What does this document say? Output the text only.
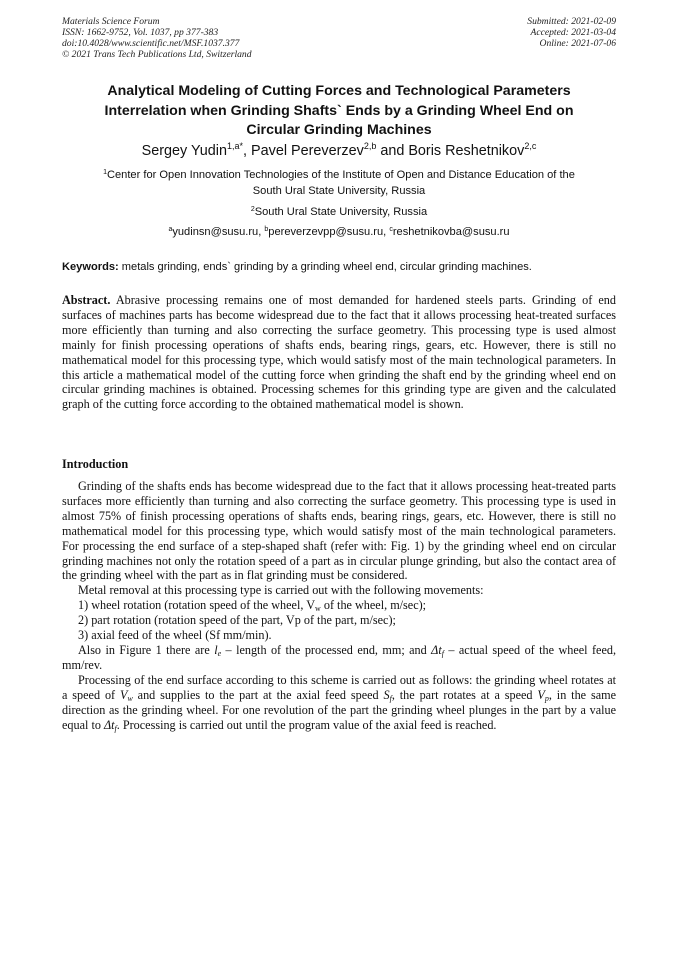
Materials Science Forum
ISSN: 1662-9752, Vol. 1037, pp 377-383
doi:10.4028/www.scientific.net/MSF.1037.377
© 2021 Trans Tech Publications Ltd, Switzerland
Submitted: 2021-02-09
Accepted: 2021-03-04
Online: 2021-07-06
Analytical Modeling of Cutting Forces and Technological Parameters
Interrelation when Grinding Shafts` Ends by a Grinding Wheel End on
Circular Grinding Machines
Sergey Yudin$^{1,a*}$, Pavel Pereverzev$^{2,b}$ and Boris Reshetnikov$^{2,c}$
$^1$Center for Open Innovation Technologies of the Institute of Open and Distance Education of the
South Ural State University, Russia
$^2$South Ural State University, Russia
$^a$yudinsn@susu.ru, $^b$pereverzevpp@susu.ru, $^c$reshetnikovba@susu.ru
Keywords: metals grinding, ends` grinding by a grinding wheel end, circular grinding machines.

Abstract. Abrasive processing remains one of most demanded for hardened steels parts. Grinding of end surfaces of machines parts has become widespread due to the fact that it allows processing heat-treated surfaces more efficiently than turning and also correcting the surface geometry. This processing type is used almost mainly for finish processing operations of shafts ends, bearing rings, gears, etc. However, there is still no mathematical model for this processing type, which would satisfy most of the main technological parameters. In this article a mathematical model of the cutting force when grinding the shaft end by the grinding wheel end on circular grinding machines is obtained. Processing schemes for this grinding type are given and the calculated graph of the cutting force according to the obtained mathematical model is shown.

Introduction

Grinding of the shafts ends has become widespread due to the fact that it allows processing heat-treated parts surfaces more efficiently than turning and also correcting the surface geometry. This processing type is used in almost 75% of finish processing operations of shafts ends, bearing rings, gears, etc. However, there is still no mathematical model for this processing type, which would satisfy most of the main technological parameters. For processing the end surface of a step-shaped shaft (refer with: Fig. 1) by the grinding wheel end on circular grinding machines not only the rotation speed of a part as in circular plunge grinding, but also the contact area of the grinding wheel with the part as in flat grinding must be considered.

Metal removal at this processing type is carried out with the following movements:

1) wheel rotation (rotation speed of the wheel, $V_w$ of the wheel, m/sec);

2) part rotation (rotation speed of the part, Vp of the part, m/sec);

3) axial feed of the wheel (Sf mm/min).

Also in Figure 1 there are $l_e$ – length of the processed end, mm; and $\Delta t_f$ – actual speed of the wheel feed, mm/rev.

Processing of the end surface according to this scheme is carried out as follows: the grinding wheel rotates at a speed of $V_w$ and supplies to the part at the axial feed speed $S_f$, the part rotates at a speed $V_p$, in the same direction as the grinding wheel. For one revolution of the part the grinding wheel plunges in the part by a value equal to $\Delta t_f$. Processing is carried out until the program value of the axial feed is reached.
